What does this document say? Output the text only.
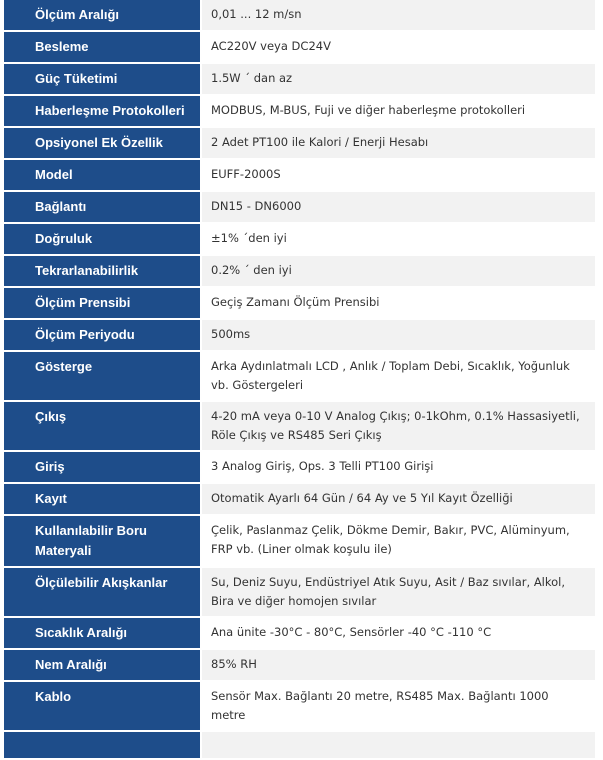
Ölçüm Aralığı	0,01 ... 12 m/sn
Besleme	AC220V veya DC24V
Güç Tüketimi	1.5W ´ dan az
Haberleşme Protokolleri	MODBUS, M-BUS, Fuji ve diğer haberleşme protokolleri
Opsiyonel Ek Özellik	2 Adet PT100 ile Kalori / Enerji Hesabı
Model	EUFF-2000S
Bağlantı	DN15 - DN6000
Doğruluk	±1% ´den iyi
Tekrarlanabilirlik	0.2% ´ den iyi
Ölçüm Prensibi	Geçiş Zamanı Ölçüm Prensibi
Ölçüm Periyodu	500ms
Gösterge	Arka Aydınlatmalı LCD , Anlık / Toplam Debi, Sıcaklık, Yoğunluk vb. Göstergeleri
Çıkış	4-20 mA veya 0-10 V Analog Çıkış; 0-1kOhm, 0.1% Hassasiyetli, Röle Çıkış ve RS485 Seri Çıkış
Giriş	3 Analog Giriş, Ops. 3 Telli PT100 Girişi
Kayıt	Otomatik Ayarlı 64 Gün / 64 Ay ve 5 Yıl Kayıt Özelliği
Kullanılabilir Boru Materyali	Çelik, Paslanmaz Çelik, Dökme Demir, Bakır, PVC, Alüminyum, FRP vb. (Liner olmak koşulu ile)
Ölçülebilir Akışkanlar	Su, Deniz Suyu, Endüstriyel Atık Suyu, Asit / Baz sıvılar, Alkol, Bira ve diğer homojen sıvılar
Sıcaklık Aralığı	Ana ünite -30°C - 80°C, Sensörler -40 °C -110 °C
Nem Aralığı	85% RH
Kablo	Sensör Max. Bağlantı 20 metre, RS485 Max. Bağlantı 1000 metre
